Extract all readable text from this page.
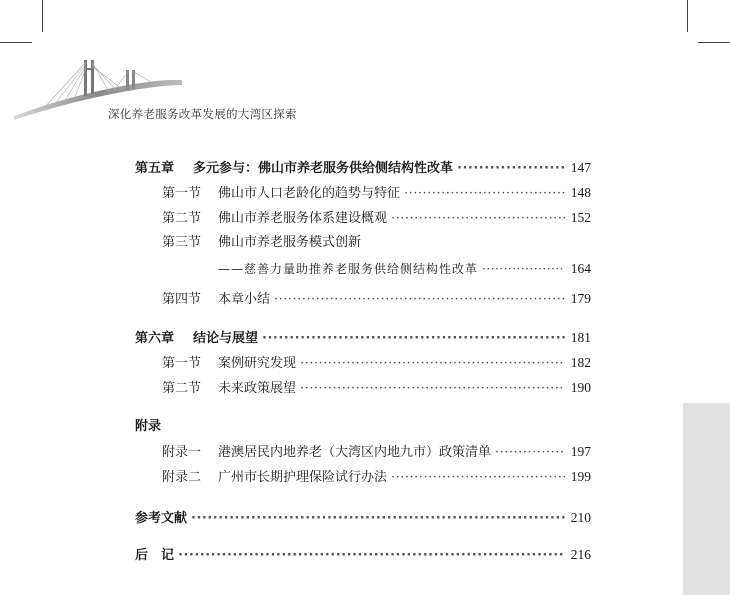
深化养老服务改革发展的大湾区探索
第五章	多元参与：佛山市养老服务供给侧结构性改革 ·····	147
第一节	佛山市人口老龄化的趋势与特征 ·····	148
第二节	佛山市养老服务体系建设概观 ·····	152
第三节	佛山市养老服务模式创新
——慈善力量助推养老服务供给侧结构性改革 ·····	164
第四节	本章小结 ·····	179
第六章	结论与展望 ·····	181
第一节	案例研究发现 ·····	182
第二节	未来政策展望 ·····	190
附录
附录一	港澳居民内地养老（大湾区内地九市）政策清单 ·····	197
附录二	广州市长期护理保险试行办法 ·····	199
参考文献 ·····	210
后　记 ·····	216
